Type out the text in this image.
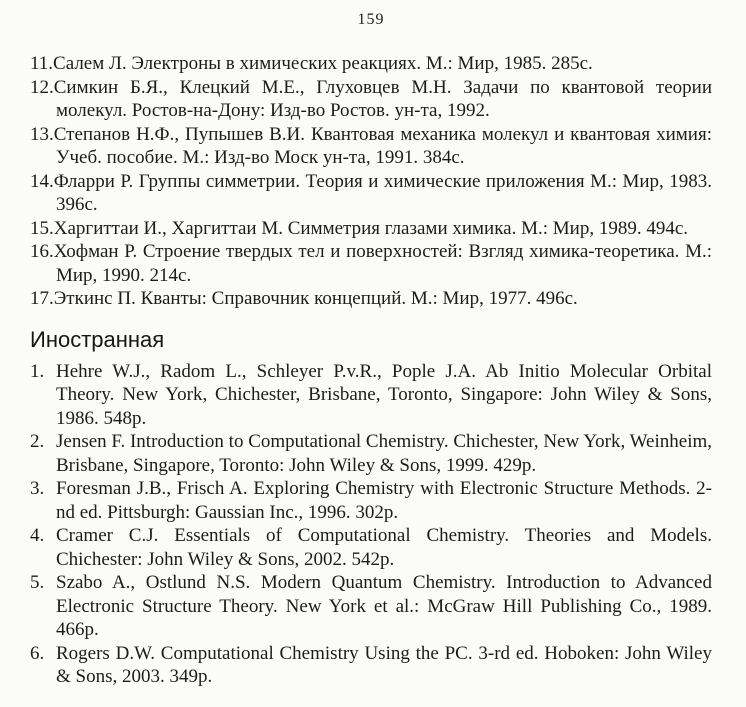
159
11.Салем Л. Электроны в химических реакциях. М.: Мир, 1985. 285с.
12.Симкин Б.Я., Клецкий М.Е., Глуховцев М.Н. Задачи по квантовой теории молекул. Ростов-на-Дону: Изд-во Ростов. ун-та, 1992.
13.Степанов Н.Ф., Пупышев В.И. Квантовая механика молекул и квантовая химия: Учеб. пособие. М.: Изд-во Моск ун-та, 1991. 384с.
14.Фларри Р. Группы симметрии. Теория и химические приложения М.: Мир, 1983. 396с.
15.Харгиттаи И., Харгиттаи М. Симметрия глазами химика. М.: Мир, 1989. 494с.
16.Хофман Р. Строение твердых тел и поверхностей: Взгляд химика-теоретика. М.: Мир, 1990. 214с.
17.Эткинс П. Кванты: Справочник концепций. М.: Мир, 1977. 496с.
Иностранная
1. Hehre W.J., Radom L., Schleyer P.v.R., Pople J.A. Ab Initio Molecular Orbital Theory. New York, Chichester, Brisbane, Toronto, Singapore: John Wiley & Sons, 1986. 548p.
2. Jensen F. Introduction to Computational Chemistry. Chichester, New York, Weinheim, Brisbane, Singapore, Toronto: John Wiley & Sons, 1999. 429p.
3. Foresman J.B., Frisch A. Exploring Chemistry with Electronic Structure Methods. 2-nd ed. Pittsburgh: Gaussian Inc., 1996. 302p.
4. Cramer C.J. Essentials of Computational Chemistry. Theories and Models. Chichester: John Wiley & Sons, 2002. 542p.
5. Szabo A., Ostlund N.S. Modern Quantum Chemistry. Introduction to Advanced Electronic Structure Theory. New York et al.: McGraw Hill Publishing Co., 1989. 466p.
6. Rogers D.W. Computational Chemistry Using the PC. 3-rd ed. Hoboken: John Wiley & Sons, 2003. 349p.
